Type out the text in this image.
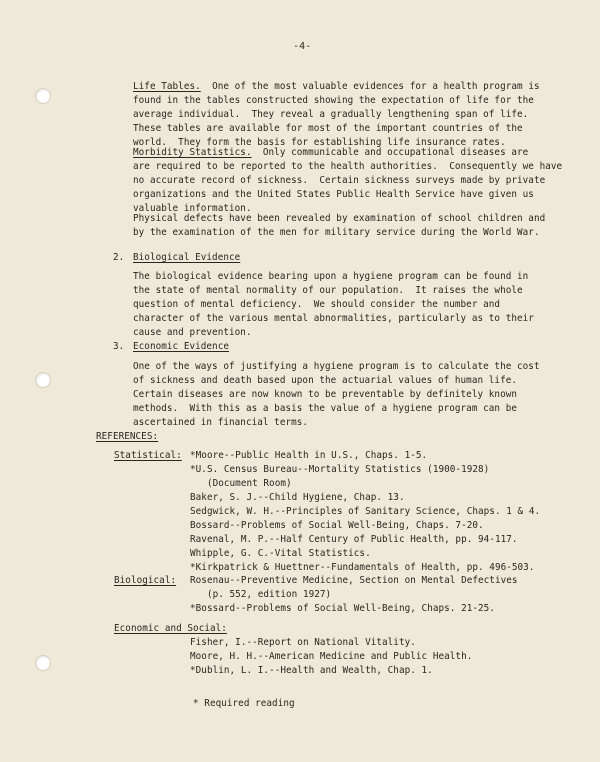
-4-

Life Tables. One of the most valuable evidences for a health program is

found in the tables constructed showing the expectation of life for the

average individual.  They reveal a gradually lengthening span of life.

These tables are available for most of the important countries of the

world.  They form the basis for establishing life insurance rates.

Morbidity Statistics. Only communicable and occupational diseases are

are required to be reported to the health authorities.  Consequently we have

no accurate record of sickness.  Certain sickness surveys made by private

organizations and the United States Public Health Service have given us

valuable information.

Physical defects have been revealed by examination of school children and

by the examination of the men for military service during the World War.

2. Biological Evidence

The biological evidence bearing upon a hygiene program can be found in

the state of mental normality of our population.  It raises the whole

question of mental deficiency.  We should consider the number and

character of the various mental abnormalities, particularly as to their

cause and prevention.

3. Economic Evidence

One of the ways of justifying a hygiene program is to calculate the cost

of sickness and death based upon the actuarial values of human life.

Certain diseases are now known to be preventable by definitely known

methods.  With this as a basis the value of a hygiene program can be

ascertained in financial terms.

REFERENCES:

Statistical: *Moore--Public Health in U.S., Chaps. 1-5.

*U.S. Census Bureau--Mortality Statistics (1900-1928)

(Document Room)

Baker, S. J.--Child Hygiene, Chap. 13.

Sedgwick, W. H.--Principles of Sanitary Science, Chaps. 1 & 4.

Bossard--Problems of Social Well-Being, Chaps. 7-20.

Ravenal, M. P.--Half Century of Public Health, pp. 94-117.

Whipple, G. C.-Vital Statistics.

*Kirkpatrick & Huettner--Fundamentals of Health, pp. 496-503.

Biological: Rosenau--Preventive Medicine, Section on Mental Defectives

(p. 552, edition 1927)

*Bossard--Problems of Social Well-Being, Chaps. 21-25.

Economic and Social:

Fisher, I.--Report on National Vitality.

Moore, H. H.--American Medicine and Public Health.

*Dublin, L. I.--Health and Wealth, Chap. 1.

* Required reading
